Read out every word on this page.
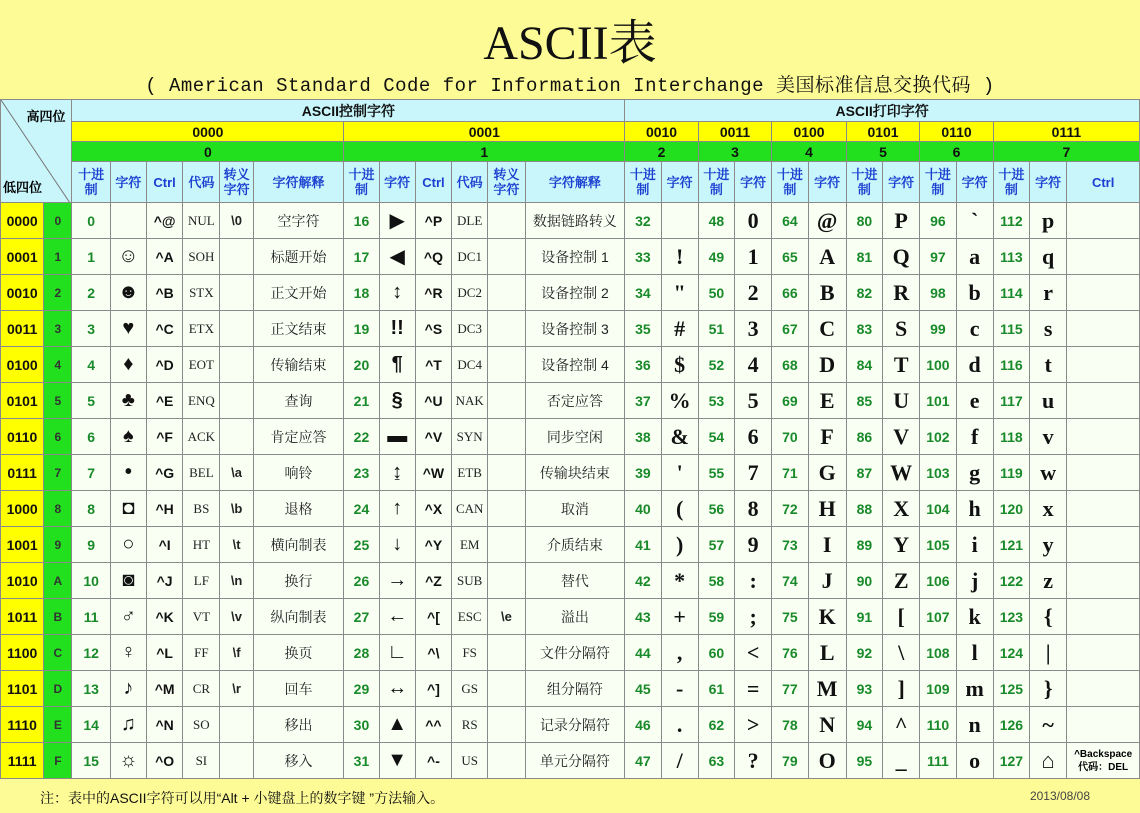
ASCII表
( American Standard Code for Information Interchange 美国标准信息交换代码 )
高四位
低四位		ASCII控制字符												ASCII打印字符												
		0000						0001						0010		0011		0100		0101		0110		0111		
		0						1						2		3		4		5		6		7		
		十进制	字符	Ctrl	代码	转义字符	字符解释	十进制	字符	Ctrl	代码	转义字符	字符解释	十进制	字符	十进制	字符	十进制	字符	十进制	字符	十进制	字符	十进制	字符	Ctrl
0000	0	0		^@	NUL	\0	空字符	16	▶	^P	DLE		数据链路转义	32		48	0	64	@	80	P	96	`	112	p	
0001	1	1	☺	^A	SOH		标题开始	17	◀	^Q	DC1		设备控制 1	33	!	49	1	65	A	81	Q	97	a	113	q	
0010	2	2	☻	^B	STX		正文开始	18	↕	^R	DC2		设备控制 2	34	"	50	2	66	B	82	R	98	b	114	r	
0011	3	3	♥	^C	ETX		正文结束	19	!!	^S	DC3		设备控制 3	35	#	51	3	67	C	83	S	99	c	115	s	
0100	4	4	♦	^D	EOT		传输结束	20	¶	^T	DC4		设备控制 4	36	$	52	4	68	D	84	T	100	d	116	t	
0101	5	5	♣	^E	ENQ		查询	21	§	^U	NAK		否定应答	37	%	53	5	69	E	85	U	101	e	117	u	
0110	6	6	♠	^F	ACK		肯定应答	22	▬	^V	SYN		同步空闲	38	&	54	6	70	F	86	V	102	f	118	v	
0111	7	7	•	^G	BEL	\a	响铃	23	↨	^W	ETB		传输块结束	39	'	55	7	71	G	87	W	103	g	119	w	
1000	8	8	◘	^H	BS	\b	退格	24	↑	^X	CAN		取消	40	(	56	8	72	H	88	X	104	h	120	x	
1001	9	9	○	^I	HT	\t	横向制表	25	↓	^Y	EM		介质结束	41	)	57	9	73	I	89	Y	105	i	121	y	
1010	A	10	◙	^J	LF	\n	换行	26	→	^Z	SUB		替代	42	*	58	:	74	J	90	Z	106	j	122	z	
1011	B	11	♂	^K	VT	\v	纵向制表	27	←	^[	ESC	\e	溢出	43	+	59	;	75	K	91	[	107	k	123	{	
1100	C	12	♀	^L	FF	\f	换页	28	∟	^\	FS		文件分隔符	44	,	60	<	76	L	92	\	108	l	124	|	
1101	D	13	♪	^M	CR	\r	回车	29	↔	^]	GS		组分隔符	45	-	61	=	77	M	93	]	109	m	125	}	
1110	E	14	♫	^N	SO		移出	30	▲	^^	RS		记录分隔符	46	.	62	>	78	N	94	^	110	n	126	~	
1111	F	15	☼	^O	SI		移入	31	▼	^-	US		单元分隔符	47	/	63	?	79	O	95	_	111	o	127	⌂	^Backspace
代码：DEL
注：表中的ASCII字符可以用“Alt + 小键盘上的数字键 ”方法输入。	2013/08/08
